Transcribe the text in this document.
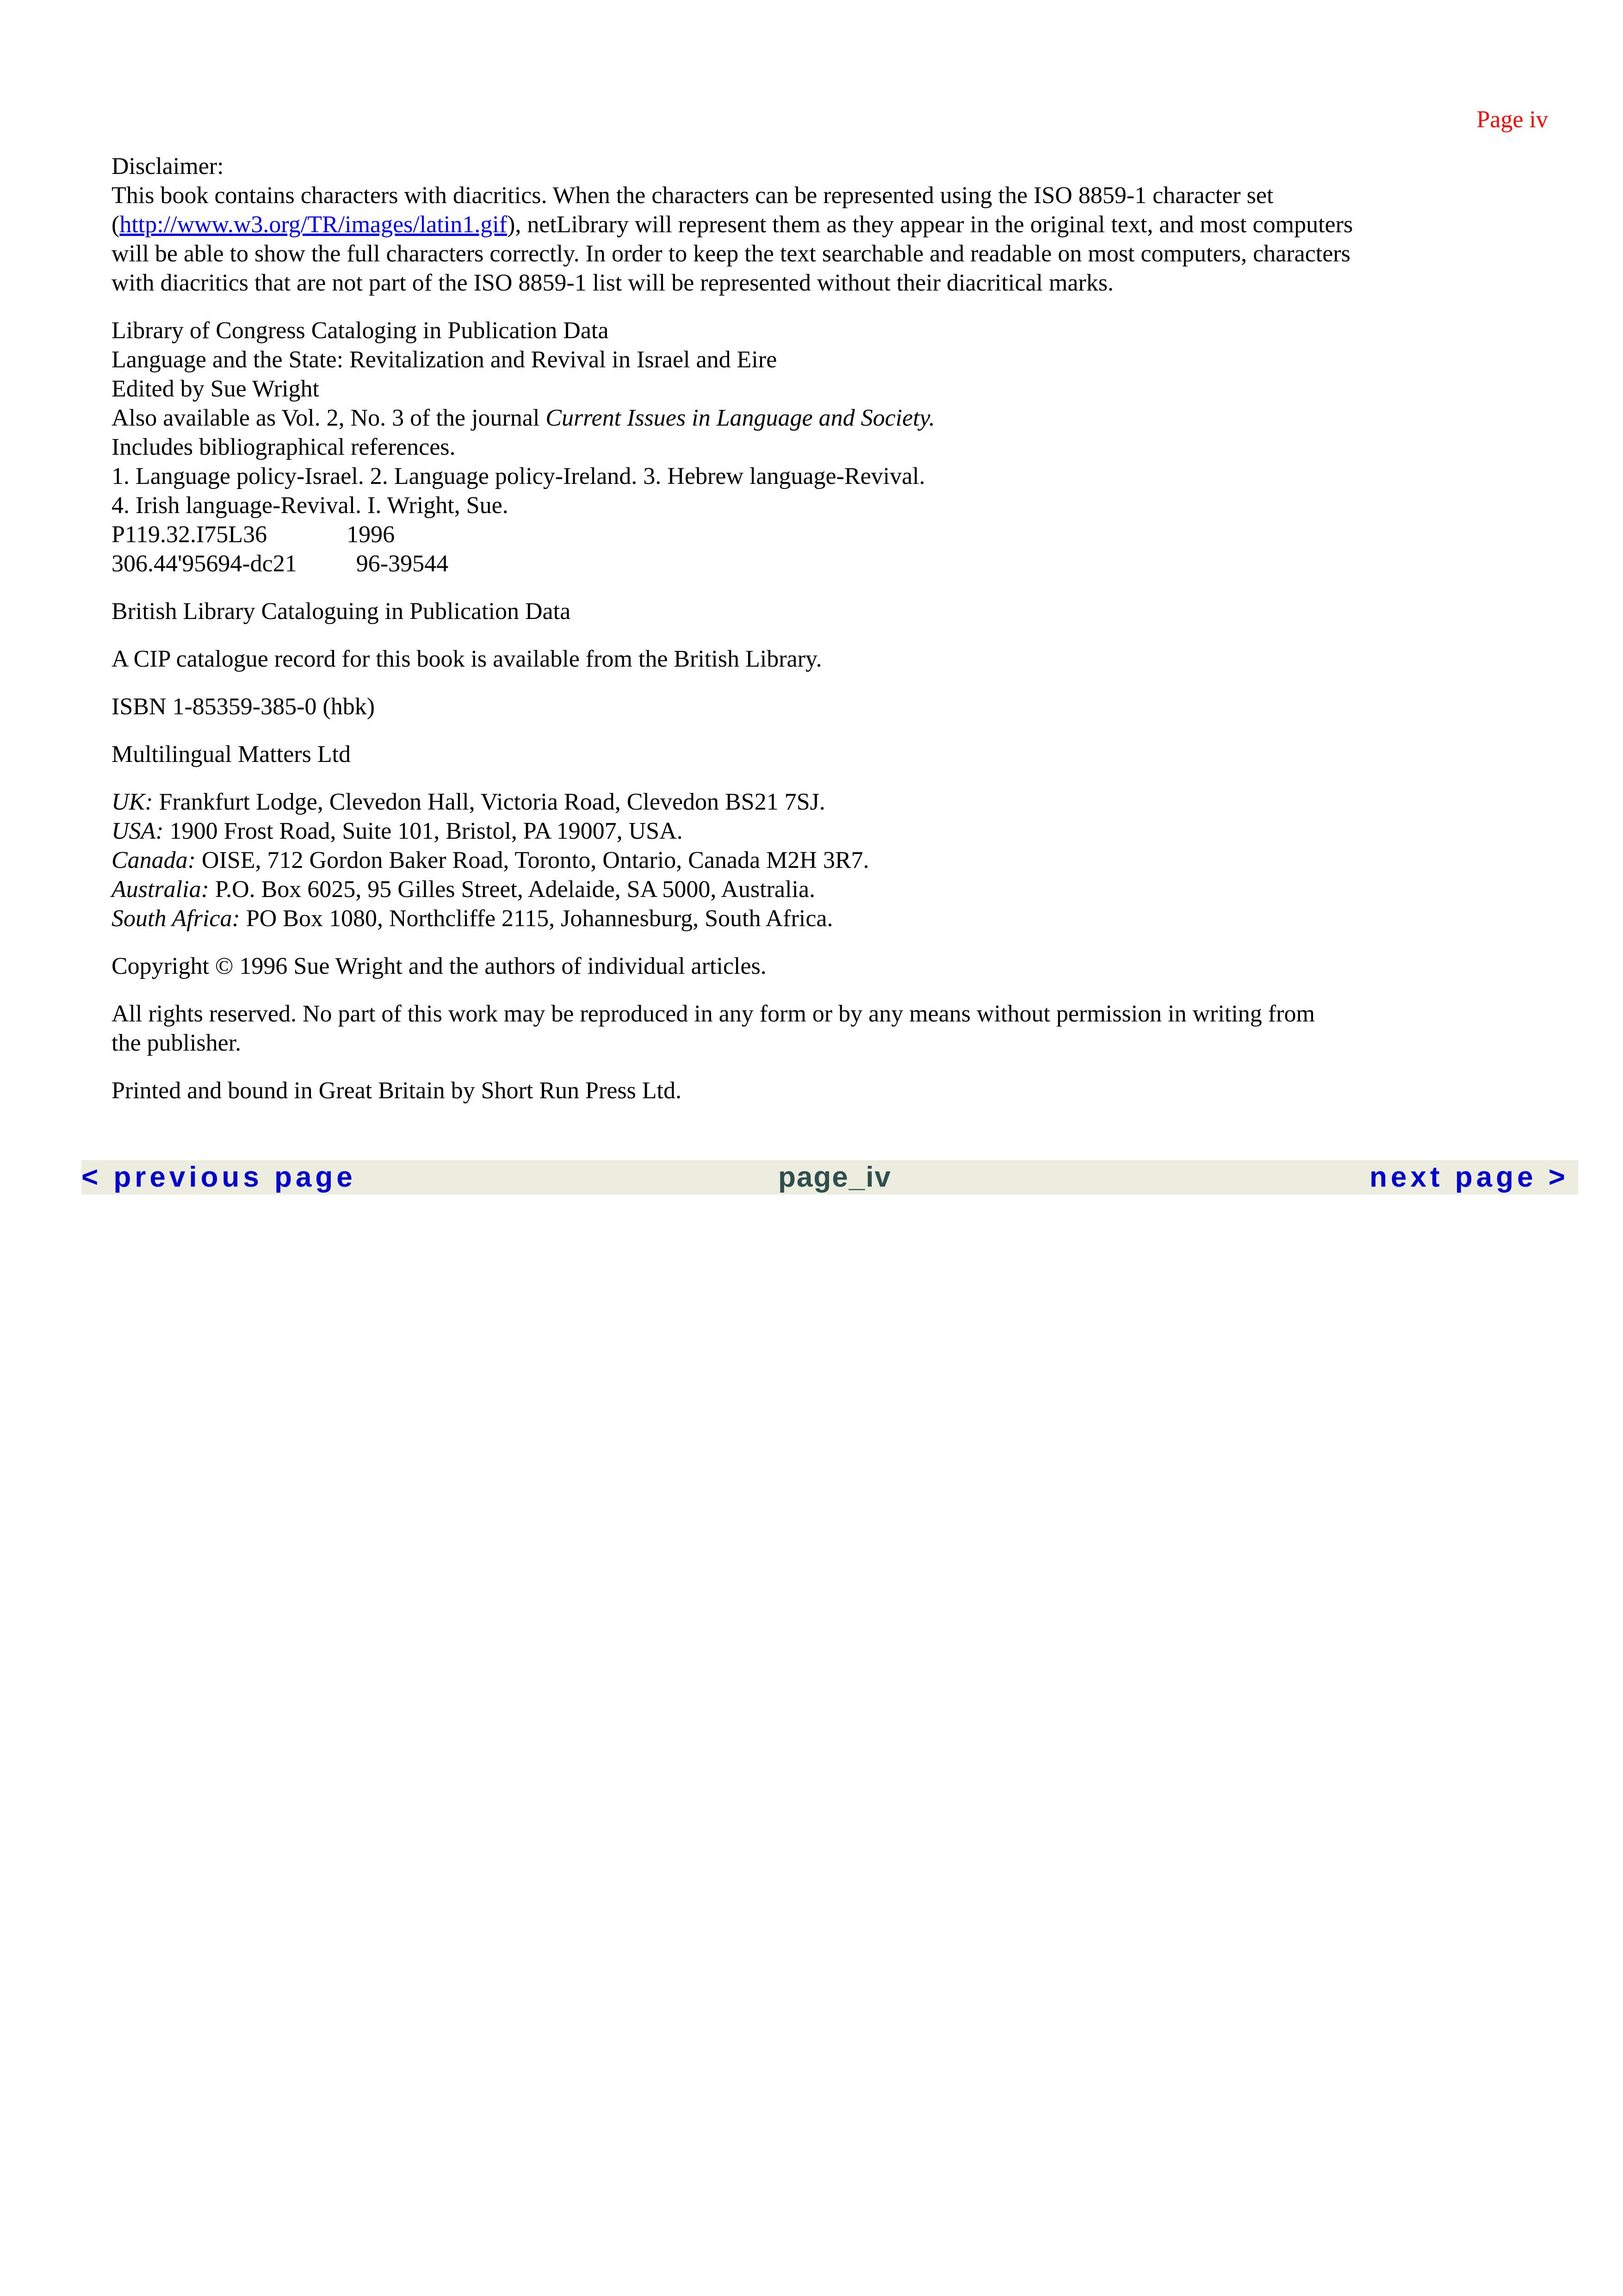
Page iv
Disclaimer:
This book contains characters with diacritics. When the characters can be represented using the ISO 8859-1 character set
(http://www.w3.org/TR/images/latin1.gif), netLibrary will represent them as they appear in the original text, and most computers
will be able to show the full characters correctly. In order to keep the text searchable and readable on most computers, characters
with diacritics that are not part of the ISO 8859-1 list will be represented without their diacritical marks.
Library of Congress Cataloging in Publication Data
Language and the State: Revitalization and Revival in Israel and Eire
Edited by Sue Wright
Also available as Vol. 2, No. 3 of the journal Current Issues in Language and Society.
Includes bibliographical references.
1. Language policy-Israel. 2. Language policy-Ireland. 3. Hebrew language-Revival.
4. Irish language-Revival. I. Wright, Sue.
P119.32.I75L36	1996
306.44'95694-dc21 96-39544
British Library Cataloguing in Publication Data
A CIP catalogue record for this book is available from the British Library.
ISBN 1-85359-385-0 (hbk)
Multilingual Matters Ltd
UK: Frankfurt Lodge, Clevedon Hall, Victoria Road, Clevedon BS21 7SJ.
USA: 1900 Frost Road, Suite 101, Bristol, PA 19007, USA.
Canada: OISE, 712 Gordon Baker Road, Toronto, Ontario, Canada M2H 3R7.
Australia: P.O. Box 6025, 95 Gilles Street, Adelaide, SA 5000, Australia.
South Africa: PO Box 1080, Northcliffe 2115, Johannesburg, South Africa.
Copyright © 1996 Sue Wright and the authors of individual articles.
All rights reserved. No part of this work may be reproduced in any form or by any means without permission in writing from
the publisher.
Printed and bound in Great Britain by Short Run Press Ltd.
< previous page	page_iv	next page >
